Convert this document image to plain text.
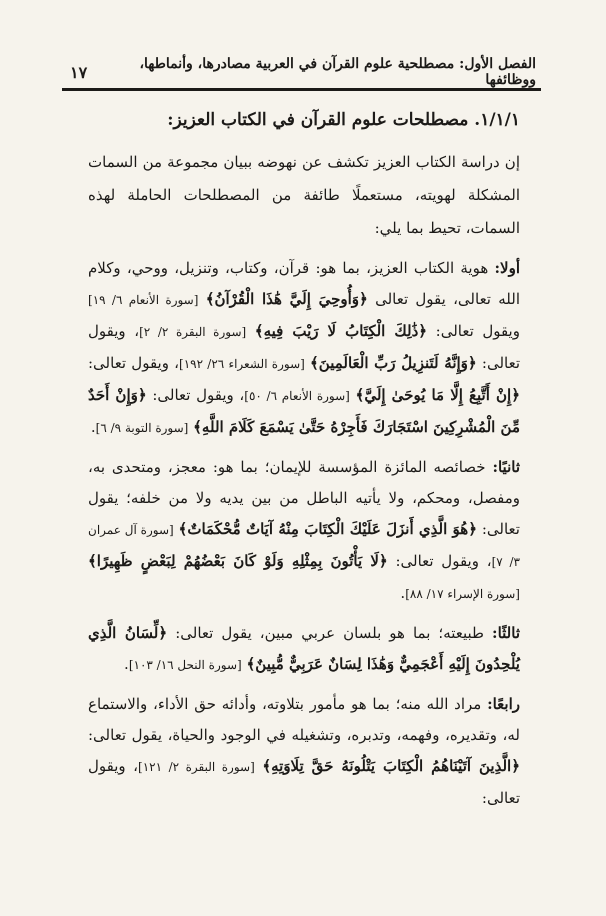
الفصل الأول: مصطلحية علوم القرآن في العربية مصادرها، وأنماطها، ووظائفها
١٧
١/١/١. مصطلحات علوم القرآن في الكتاب العزيز:

إن دراسة الكتاب العزيز تكشف عن نهوضه ببيان مجموعة من السمات المشكلة لهويته، مستعملًا طائفة من المصطلحات الحاملة لهذه السمات، تحيط بما يلي:

أولا: هوية الكتاب العزيز، بما هو: قرآن، وكتاب، وتنزيل، ووحي، وكلام الله تعالى، يقول تعالى ﴿وَأُوحِيَ إِلَيَّ هَٰذَا الْقُرْآنُ﴾ [سورة الأنعام ٦/ ١٩] ويقول تعالى: ﴿ذَٰلِكَ الْكِتَابُ لَا رَيْبَ فِيهِ﴾ [سورة البقرة ٢/ ٢]، ويقول تعالى: ﴿وَإِنَّهُ لَتَنزِيلُ رَبِّ الْعَالَمِينَ﴾ [سورة الشعراء ٢٦/ ١٩٢]، ويقول تعالى: ﴿إِنْ أَتَّبِعُ إِلَّا مَا يُوحَىٰ إِلَيَّ﴾ [سورة الأنعام ٦/ ٥٠]، ويقول تعالى: ﴿وَإِنْ أَحَدٌ مِّنَ الْمُشْرِكِينَ اسْتَجَارَكَ فَأَجِرْهُ حَتَّىٰ يَسْمَعَ كَلَامَ اللَّهِ﴾ [سورة التوبة ٩/ ٦].

ثانيًا: خصائصه المائزة المؤسسة للإيمان؛ بما هو: معجز، ومتحدى به، ومفصل، ومحكم، ولا يأتيه الباطل من بين يديه ولا من خلفه؛ يقول تعالى: ﴿هُوَ الَّذِي أَنزَلَ عَلَيْكَ الْكِتَابَ مِنْهُ آيَاتٌ مُّحْكَمَاتٌ﴾ [سورة آل عمران ٣/ ٧]، ويقول تعالى: ﴿لَا يَأْتُونَ بِمِثْلِهِ وَلَوْ كَانَ بَعْضُهُمْ لِبَعْضٍ ظَهِيرًا﴾ [سورة الإسراء ١٧/ ٨٨].

ثالثًا: طبيعته؛ بما هو بلسان عربي مبين، يقول تعالى: ﴿لِّسَانُ الَّذِي يُلْحِدُونَ إِلَيْهِ أَعْجَمِيٌّ وَهَٰذَا لِسَانٌ عَرَبِيٌّ مُّبِينٌ﴾ [سورة النحل ١٦/ ١٠٣].

رابعًا: مراد الله منه؛ بما هو مأمور بتلاوته، وأدائه حق الأداء، والاستماع له، وتقديره، وفهمه، وتدبره، وتشغيله في الوجود والحياة، يقول تعالى: ﴿الَّذِينَ آتَيْنَاهُمُ الْكِتَابَ يَتْلُونَهُ حَقَّ تِلَاوَتِهِ﴾ [سورة البقرة ٢/ ١٢١]، ويقول تعالى:
